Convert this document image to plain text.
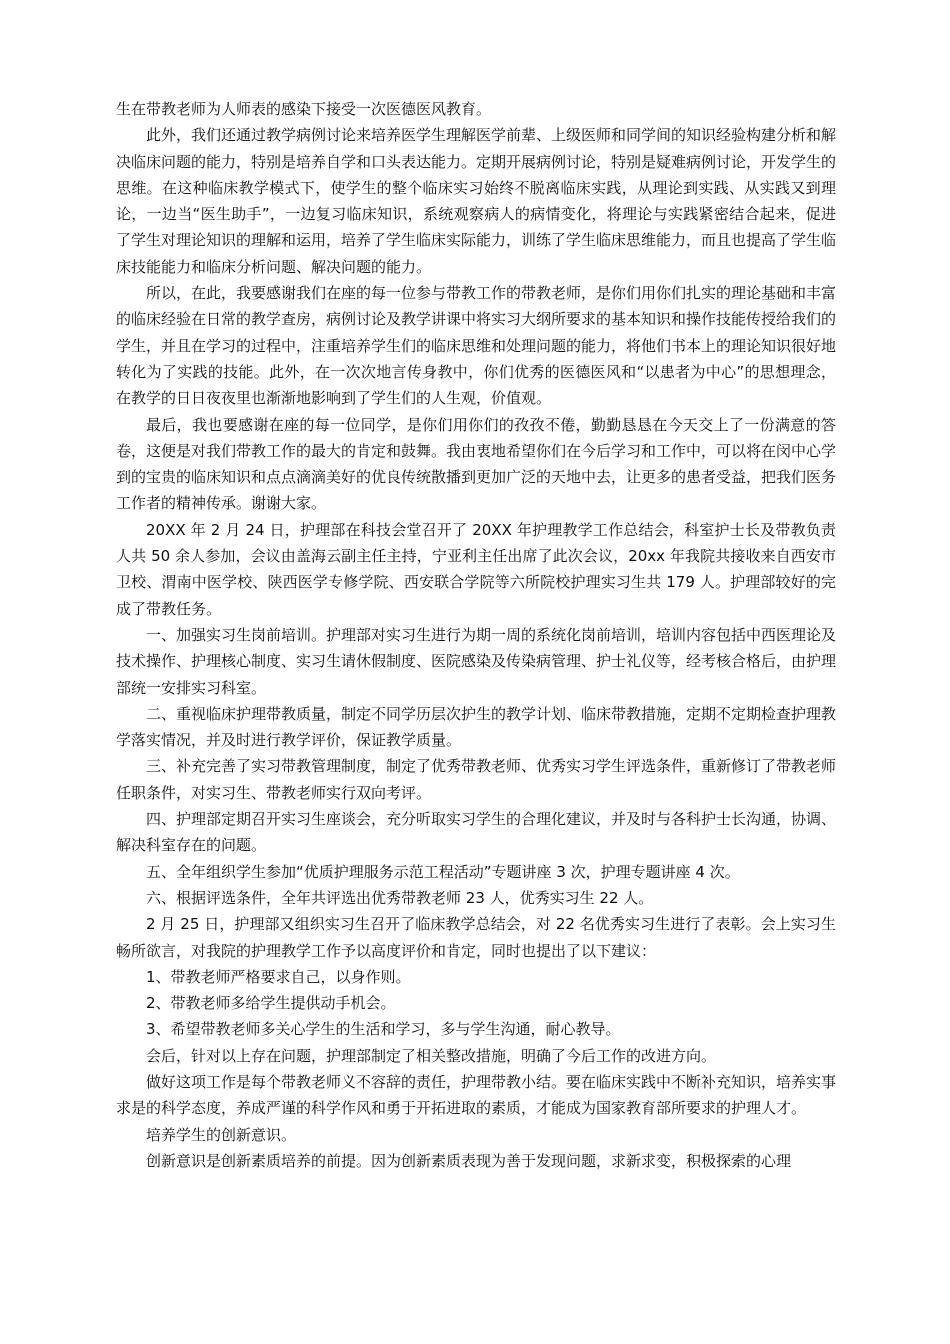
生在带教老师为人师表的感染下接受一次医德医风教育。

此外，我们还通过教学病例讨论来培养医学生理解医学前辈、上级医师和同学间的知识经验构建分析和解决临床问题的能力，特别是培养自学和口头表达能力。定期开展病例讨论，特别是疑难病例讨论，开发学生的思维。在这种临床教学模式下，使学生的整个临床实习始终不脱离临床实践，从理论到实践、从实践又到理论，一边当“医生助手”，一边复习临床知识，系统观察病人的病情变化，将理论与实践紧密结合起来，促进了学生对理论知识的理解和运用，培养了学生临床实际能力，训练了学生临床思维能力，而且也提高了学生临床技能能力和临床分析问题、解决问题的能力。

所以，在此，我要感谢我们在座的每一位参与带教工作的带教老师，是你们用你们扎实的理论基础和丰富的临床经验在日常的教学查房，病例讨论及教学讲课中将实习大纲所要求的基本知识和操作技能传授给我们的学生，并且在学习的过程中，注重培养学生们的临床思维和处理问题的能力，将他们书本上的理论知识很好地转化为了实践的技能。此外，在一次次地言传身教中，你们优秀的医德医风和“以患者为中心”的思想理念，在教学的日日夜夜里也渐渐地影响到了学生们的人生观，价值观。

最后，我也要感谢在座的每一位同学，是你们用你们的孜孜不倦，勤勤恳恳在今天交上了一份满意的答卷，这便是对我们带教工作的最大的肯定和鼓舞。我由衷地希望你们在今后学习和工作中，可以将在闵中心学到的宝贵的临床知识和点点滴滴美好的优良传统散播到更加广泛的天地中去，让更多的患者受益，把我们医务工作者的精神传承。谢谢大家。

20XX 年 2 月 24 日，护理部在科技会堂召开了 20XX 年护理教学工作总结会，科室护士长及带教负责人共 50 余人参加，会议由盖海云副主任主持，宁亚利主任出席了此次会议，20xx 年我院共接收来自西安市卫校、渭南中医学校、陕西医学专修学院、西安联合学院等六所院校护理实习生共 179 人。护理部较好的完成了带教任务。

一、加强实习生岗前培训。护理部对实习生进行为期一周的系统化岗前培训，培训内容包括中西医理论及技术操作、护理核心制度、实习生请休假制度、医院感染及传染病管理、护士礼仪等，经考核合格后，由护理部统一安排实习科室。

二、重视临床护理带教质量，制定不同学历层次护生的教学计划、临床带教措施，定期不定期检查护理教学落实情况，并及时进行教学评价，保证教学质量。

三、补充完善了实习带教管理制度，制定了优秀带教老师、优秀实习学生评选条件，重新修订了带教老师任职条件，对实习生、带教老师实行双向考评。

四、护理部定期召开实习生座谈会，充分听取实习学生的合理化建议，并及时与各科护士长沟通，协调、解决科室存在的问题。

五、全年组织学生参加“优质护理服务示范工程活动”专题讲座 3 次，护理专题讲座 4 次。

六、根据评选条件，全年共评选出优秀带教老师 23 人，优秀实习生 22 人。

2 月 25 日，护理部又组织实习生召开了临床教学总结会，对 22 名优秀实习生进行了表彰。会上实习生畅所欲言，对我院的护理教学工作予以高度评价和肯定，同时也提出了以下建议：

1、带教老师严格要求自己，以身作则。

2、带教老师多给学生提供动手机会。

3、希望带教老师多关心学生的生活和学习，多与学生沟通，耐心教导。

会后，针对以上存在问题，护理部制定了相关整改措施，明确了今后工作的改进方向。

做好这项工作是每个带教老师义不容辞的责任，护理带教小结。要在临床实践中不断补充知识，培养实事求是的科学态度，养成严谨的科学作风和勇于开拓进取的素质，才能成为国家教育部所要求的护理人才。

培养学生的创新意识。

创新意识是创新素质培养的前提。因为创新素质表现为善于发现问题，求新求变，积极探索的心理
